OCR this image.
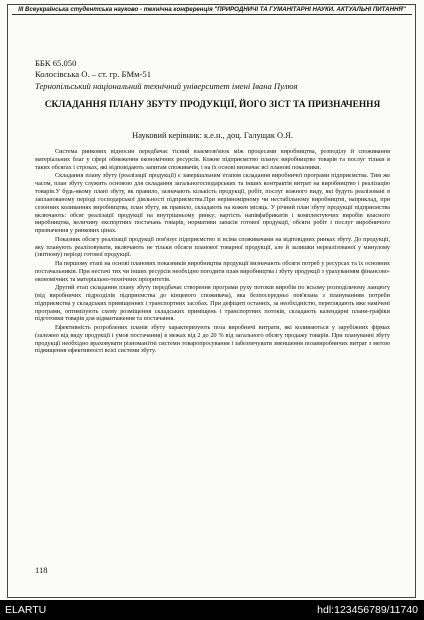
ІІІ Всеукраїнська студентська науково - технічна конференція "ПРИРОДНИЧІ ТА ГУМАНІТАРНІ НАУКИ. АКТУАЛЬНІ ПИТАННЯ"
ББК 65.050
Колосівська О. – ст. гр. БМм-51
Тернопільський національний технічний університет імені Івана Пулюя
СКЛАДАННЯ ПЛАНУ ЗБУТУ ПРОДУКЦІЇ, ЙОГО ЗІСТ ТА ПРИЗНАЧЕННЯ
Науковий керівник: к.е.н., доц. Галущак О.Я.

Система ринкових відносин передбачає тісний взаємозв'язок між процесами виробництва, розподілу й споживання матеріальних благ у сфері обмеження економічних ресурсів. Кожне підприємство планує виробництво товарів та послуг тільки в таких обсягах і строках, які відповідають запитам споживачів, і на їх основі визначає всі планові показники.

Складання плану збуту (реалізації продукції) є завершальним етапом складання виробничої програми підприємства. Тим же часом, план збуту служить основою для складання загальногосподарських та інших контрактів витрат на виробництво і реалізацію товарів.У будь-якому плані збуту, як правило, зазначають кількість продукції, робіт, послуг кожного виду, які будуть реалізовані в запланованому періоді господарської діяльності підприємства.При нерівномірному чи нестабільному виробництві, наприклад, при сезонних коливаннях виробництва, план збуту, як правило, складають на кожен місяць. У річний план збуту продукції підприємства включають: обсяг реалізації продукції на внутрішньому ринку; вартість напівфабрикатів і комплектуючих виробів власного виробництва, величину експортних постачань товарів, нормативи запасів готової продукції, обсяги робіт і послуг виробничого призначення у ринкових цінах.

Показник обсягу реалізації продукції пов'язує підприємство зі всіма споживачами на відповідних ринках збуту. До продукції, яку планують реалізовувати, включають не тільки обсяги планової товарної продукції, але й залишки нереалізованої у минулому (звітному) періоді готової продукції.

На першому етапі на основі планових показників виробництва продукції визначають обсяги потреб у ресурсах та їх основних постачальників. При нестачі тих чи інших ресурсів необхідно погодити план виробництва і збуту продукції з урахуванням фінансово-економічних та матеріально-технічних пріоритетів.

Другий етап складання плану збуту передбачає створення програми руху потоків виробів по всьому розподільчому ланцюгу (від виробничих підрозділів підприємства до кінцевого споживача), яка безпосередньо пов'язана з плануванням потреби підприємства у складських приміщеннях і транспортних засобах. При дефіциті останніх, за необхідністю, переглядають вже намічені програми, оптимізують схему розміщення складських приміщень і транспортних потоків, складають календарні плани-графіки підготовки товарів для відвантаження та постачання.

Ефективність розроблених планів збуту характеризують поза виробничі витрати, які коливаються у зарубіжних фірмах (залежно від виду продукції і умов постачання) в межах від 2 до 20 % від загального обсягу продажу товарів. При плануванні збуту продукції необхідно враховувати різноманітні системи товаропросування і забезпечувати зменшення позавиробничих витрат з метою підвищення ефективності всієї системи збуту.

118
ELARTU	hdl:123456789/11740
